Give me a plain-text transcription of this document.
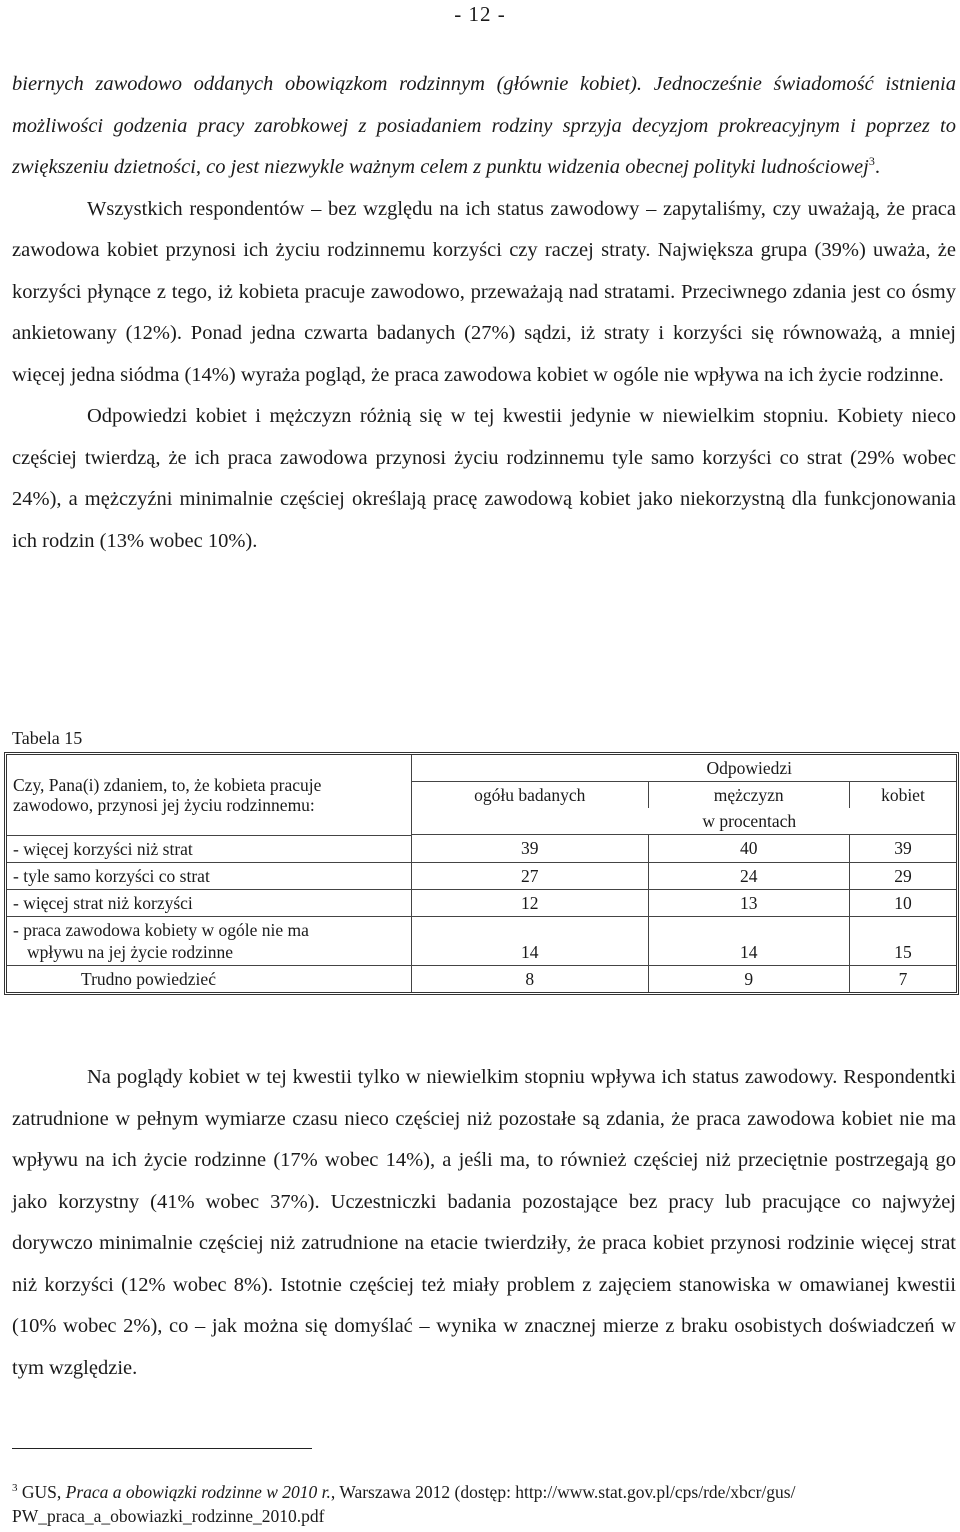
- 12 -

biernych zawodowo oddanych obowiązkom rodzinnym (głównie kobiet). Jednocześnie świadomość istnienia możliwości godzenia pracy zarobkowej z posiadaniem rodziny sprzyja decyzjom prokreacyjnym i poprzez to zwiększeniu dzietności, co jest niezwykle ważnym celem z punktu widzenia obecnej polityki ludnościowej$^3$.

Wszystkich respondentów – bez względu na ich status zawodowy – zapytaliśmy, czy uważają, że praca zawodowa kobiet przynosi ich życiu rodzinnemu korzyści czy raczej straty. Największa grupa (39%) uważa, że korzyści płynące z tego, iż kobieta pracuje zawodowo, przeważają nad stratami. Przeciwnego zdania jest co ósmy ankietowany (12%). Ponad jedna czwarta badanych (27%) sądzi, iż straty i korzyści się równoważą, a mniej więcej jedna siódma (14%) wyraża pogląd, że praca zawodowa kobiet w ogóle nie wpływa na ich życie rodzinne.

Odpowiedzi kobiet i mężczyzn różnią się w tej kwestii jedynie w niewielkim stopniu. Kobiety nieco częściej twierdzą, że ich praca zawodowa przynosi życiu rodzinnemu tyle samo korzyści co strat (29% wobec 24%), a mężczyźni minimalnie częściej określają pracę zawodową kobiet jako niekorzystną dla funkcjonowania ich rodzin (13% wobec 10%).

Tabela 15
Czy, Pana(i) zdaniem, to, że kobieta pracuje zawodowo, przynosi jej życiu rodzinnemu:		Odpowiedzi	
	ogółu badanych	mężczyzn	kobiet
		w procentach	
- więcej korzyści niż strat	39	40	39
- tyle samo korzyści co strat	27	24	29
- więcej strat niż korzyści	12	13	10
- praca zawodowa kobiety w ogóle nie ma
wpływu na jej życie rodzinne	14	14	15
Trudno powiedzieć	8	9	7

Na poglądy kobiet w tej kwestii tylko w niewielkim stopniu wpływa ich status zawodowy. Respondentki zatrudnione w pełnym wymiarze czasu nieco częściej niż pozostałe są zdania, że praca zawodowa kobiet nie ma wpływu na ich życie rodzinne (17% wobec 14%), a jeśli ma, to również częściej niż przeciętnie postrzegają go jako korzystny (41% wobec 37%). Uczestniczki badania pozostające bez pracy lub pracujące co najwyżej dorywczo minimalnie częściej niż zatrudnione na etacie twierdziły, że praca kobiet przynosi rodzinie więcej strat niż korzyści (12% wobec 8%). Istotnie częściej też miały problem z zajęciem stanowiska w omawianej kwestii (10% wobec 2%), co – jak można się domyślać – wynika w znacznej mierze z braku osobistych doświadczeń w tym względzie.

$^3$ GUS, Praca a obowiązki rodzinne w 2010 r., Warszawa 2012 (dostęp: http://www.stat.gov.pl/cps/rde/xbcr/gus/ PW_praca_a_obowiazki_rodzinne_2010.pdf
